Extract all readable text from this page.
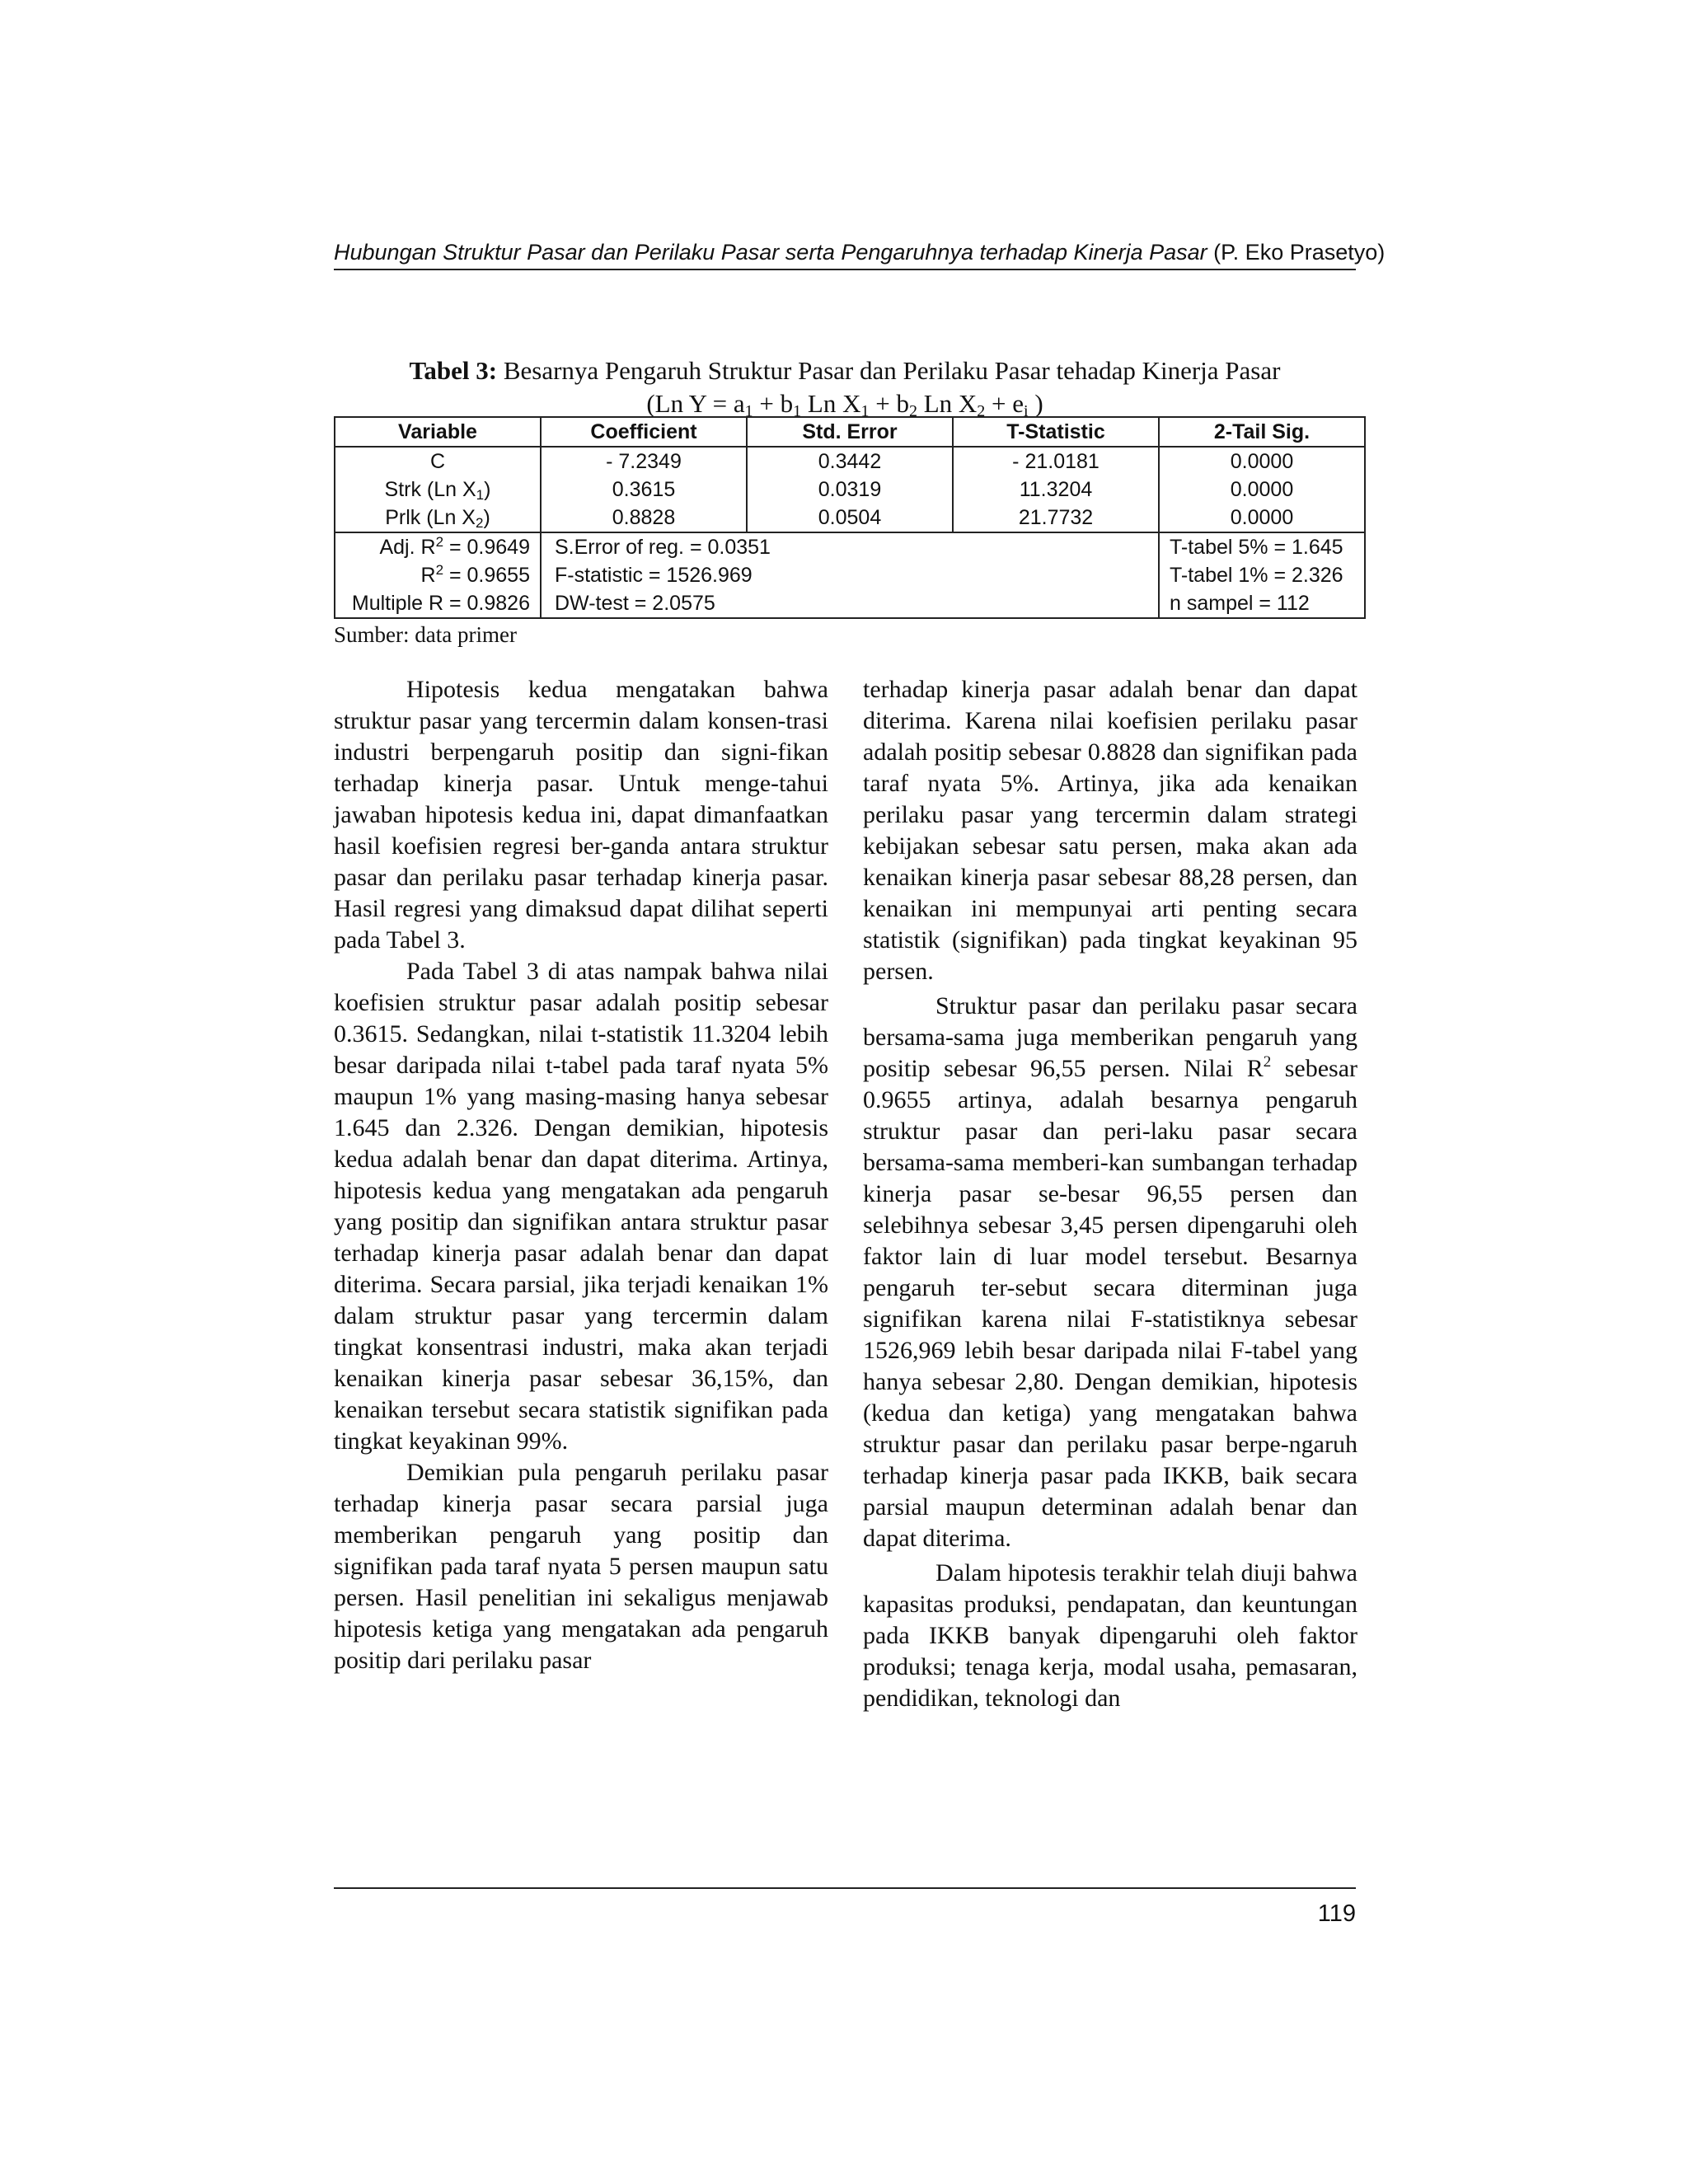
Hubungan Struktur Pasar dan Perilaku Pasar serta Pengaruhnya terhadap Kinerja Pasar (P. Eko Prasetyo)
Tabel 3: Besarnya Pengaruh Struktur Pasar dan Perilaku Pasar tehadap Kinerja Pasar
(Ln $Y = a_1 + b_1$ Ln $X_1 + b_2$ Ln $X_2 + e_i$ )
Variable	Coefficient	Std. Error	T-Statistic	2-Tail Sig.
C	- 7.2349	0.3442	- 21.0181	0.0000
Strk (Ln $X_1$)	0.3615	0.0319	11.3204	0.0000
Prlk (Ln $X_2$)	0.8828	0.0504	21.7732	0.0000
Adj. $R^2 = 0.9649$	S.Error of reg. = 0.0351			T-tabel 5% = 1.645
$R^2 = 0.9655$	F-statistic = 1526.969			T-tabel 1% = 2.326
Multiple R = 0.9826	DW-test = 2.0575			n sampel = 112
Sumber: data primer

Hipotesis kedua mengatakan bahwa struktur pasar yang tercermin dalam konsen-trasi industri berpengaruh positip dan signi-fikan terhadap kinerja pasar. Untuk menge-tahui jawaban hipotesis kedua ini, dapat dimanfaatkan hasil koefisien regresi ber-ganda antara struktur pasar dan perilaku pasar terhadap kinerja pasar. Hasil regresi yang dimaksud dapat dilihat seperti pada Tabel 3.

Pada Tabel 3 di atas nampak bahwa nilai koefisien struktur pasar adalah positip sebesar 0.3615. Sedangkan, nilai t-statistik 11.3204 lebih besar daripada nilai t-tabel pada taraf nyata 5% maupun 1% yang masing-masing hanya sebesar 1.645 dan 2.326. Dengan demikian, hipotesis kedua adalah benar dan dapat diterima. Artinya, hipotesis kedua yang mengatakan ada pengaruh yang positip dan signifikan antara struktur pasar terhadap kinerja pasar adalah benar dan dapat diterima. Secara parsial, jika terjadi kenaikan 1% dalam struktur pasar yang tercermin dalam tingkat konsentrasi industri, maka akan terjadi kenaikan kinerja pasar sebesar 36,15%, dan kenaikan tersebut secara statistik signifikan pada tingkat keyakinan 99%.

Demikian pula pengaruh perilaku pasar terhadap kinerja pasar secara parsial juga memberikan pengaruh yang positip dan signifikan pada taraf nyata 5 persen maupun satu persen. Hasil penelitian ini sekaligus menjawab hipotesis ketiga yang mengatakan ada pengaruh positip dari perilaku pasar

terhadap kinerja pasar adalah benar dan dapat diterima. Karena nilai koefisien perilaku pasar adalah positip sebesar 0.8828 dan signifikan pada taraf nyata 5%. Artinya, jika ada kenaikan perilaku pasar yang tercermin dalam strategi kebijakan sebesar satu persen, maka akan ada kenaikan kinerja pasar sebesar 88,28 persen, dan kenaikan ini mempunyai arti penting secara statistik (signifikan) pada tingkat keyakinan 95 persen.

Struktur pasar dan perilaku pasar secara bersama-sama juga memberikan pengaruh yang positip sebesar 96,55 persen. Nilai $R^2$ sebesar 0.9655 artinya, adalah besarnya pengaruh struktur pasar dan peri-laku pasar secara bersama-sama memberi-kan sumbangan terhadap kinerja pasar se-besar 96,55 persen dan selebihnya sebesar 3,45 persen dipengaruhi oleh faktor lain di luar model tersebut. Besarnya pengaruh ter-sebut secara diterminan juga signifikan karena nilai F-statistiknya sebesar 1526,969 lebih besar daripada nilai F-tabel yang hanya sebesar 2,80. Dengan demikian, hipotesis (kedua dan ketiga) yang mengatakan bahwa struktur pasar dan perilaku pasar berpe-ngaruh terhadap kinerja pasar pada IKKB, baik secara parsial maupun determinan adalah benar dan dapat diterima.

Dalam hipotesis terakhir telah diuji bahwa kapasitas produksi, pendapatan, dan keuntungan pada IKKB banyak dipengaruhi oleh faktor produksi; tenaga kerja, modal usaha, pemasaran, pendidikan, teknologi dan

119
